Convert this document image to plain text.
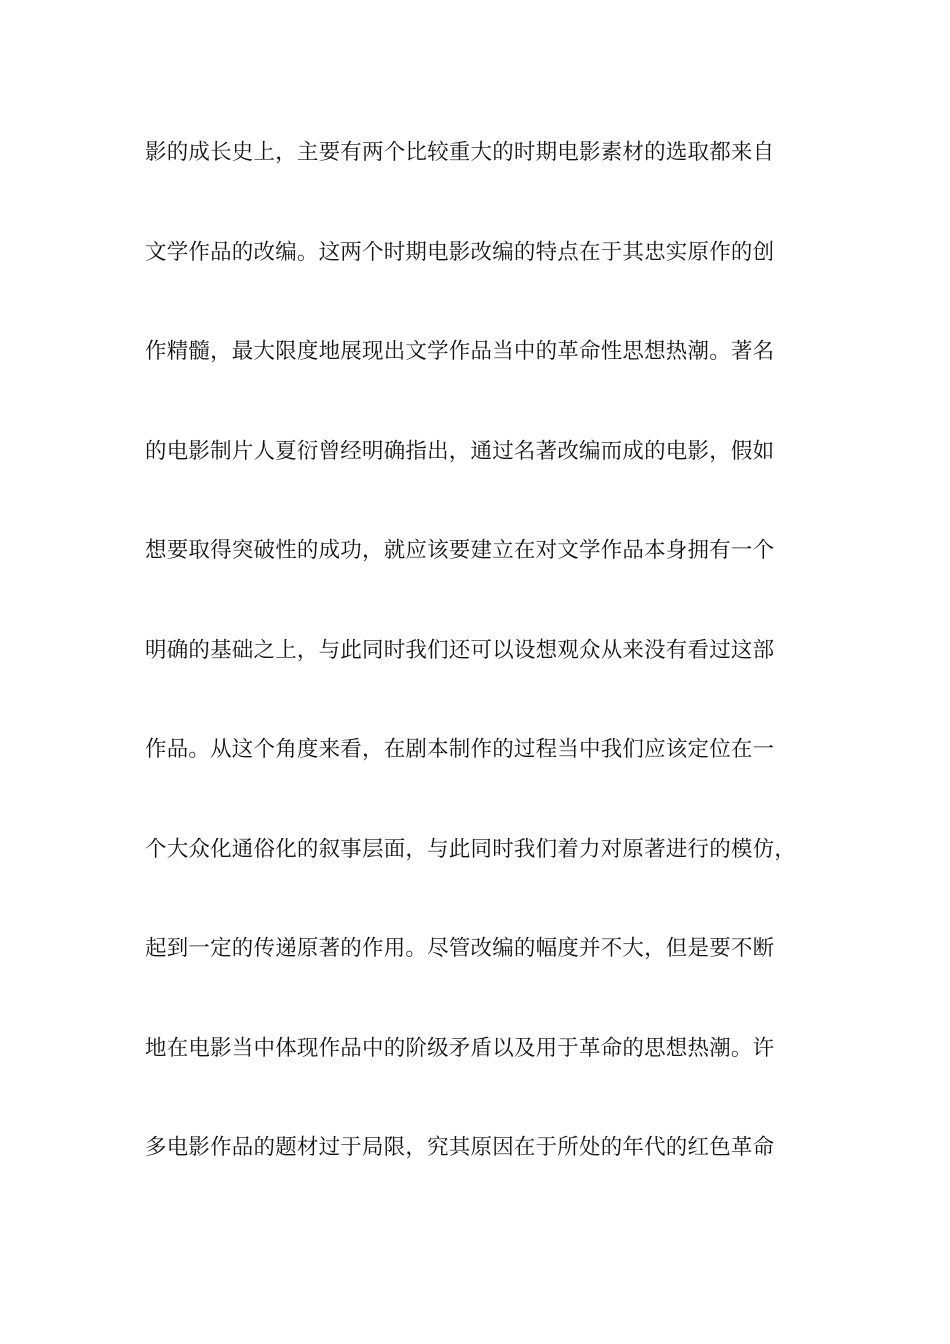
影的成长史上，主要有两个比较重大的时期电影素材的选取都来自
文学作品的改编。这两个时期电影改编的特点在于其忠实原作的创
作精髓，最大限度地展现出文学作品当中的革命性思想热潮。著名
的电影制片人夏衍曾经明确指出，通过名著改编而成的电影，假如
想要取得突破性的成功，就应该要建立在对文学作品本身拥有一个
明确的基础之上，与此同时我们还可以设想观众从来没有看过这部
作品。从这个角度来看，在剧本制作的过程当中我们应该定位在一
个大众化通俗化的叙事层面，与此同时我们着力对原著进行的模仿，
起到一定的传递原著的作用。尽管改编的幅度并不大，但是要不断
地在电影当中体现作品中的阶级矛盾以及用于革命的思想热潮。许
多电影作品的题材过于局限，究其原因在于所处的年代的红色革命
